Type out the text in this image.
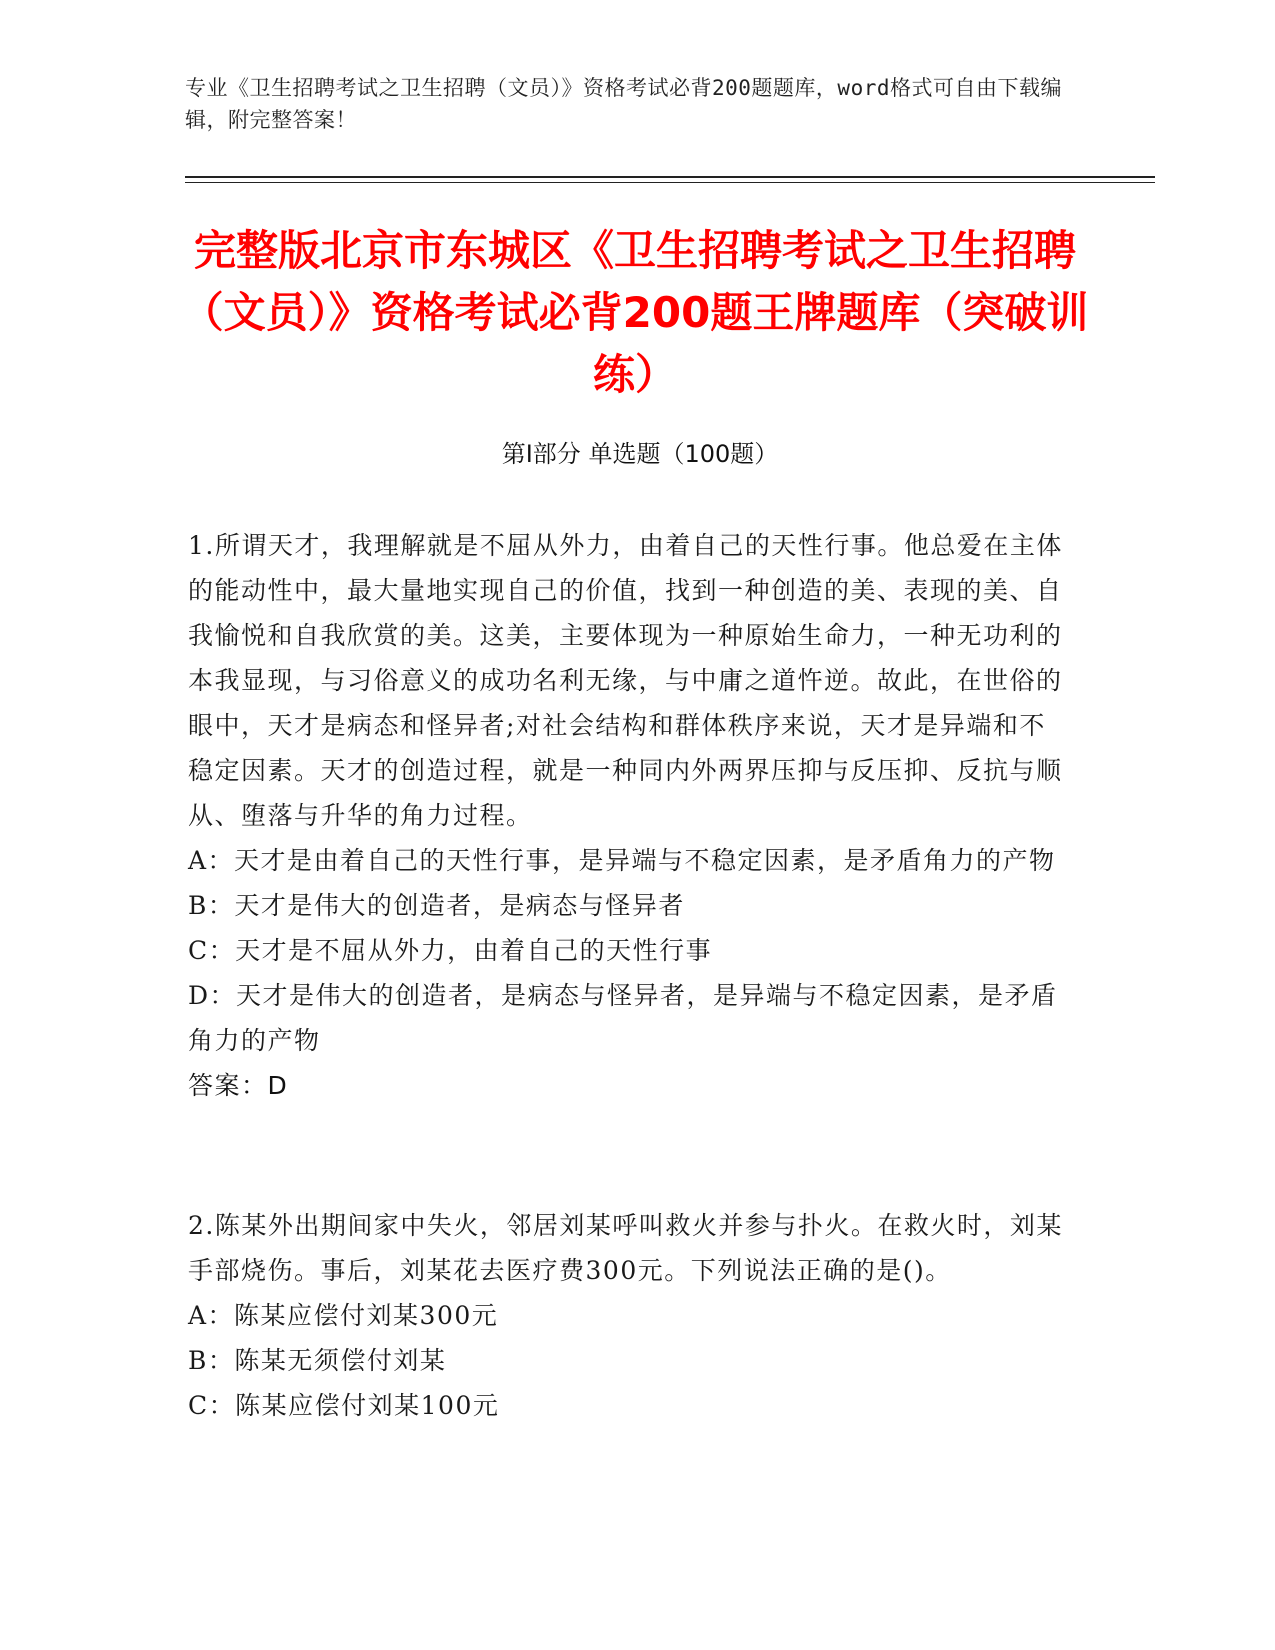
专业《卫生招聘考试之卫生招聘（文员）》资格考试必背200题题库，word格式可自由下载编辑，附完整答案！
完整版北京市东城区《卫生招聘考试之卫生招聘（文员）》资格考试必背200题王牌题库（突破训练）
第I部分 单选题（100题）

1.所谓天才，我理解就是不屈从外力，由着自己的天性行事。他总爱在主体的能动性中，最大量地实现自己的价值，找到一种创造的美、表现的美、自我愉悦和自我欣赏的美。这美，主要体现为一种原始生命力，一种无功利的本我显现，与习俗意义的成功名利无缘，与中庸之道忤逆。故此，在世俗的眼中，天才是病态和怪异者;对社会结构和群体秩序来说，天才是异端和不稳定因素。天才的创造过程，就是一种同内外两界压抑与反压抑、反抗与顺从、堕落与升华的角力过程。

A：天才是由着自己的天性行事，是异端与不稳定因素，是矛盾角力的产物

B：天才是伟大的创造者，是病态与怪异者

C：天才是不屈从外力，由着自己的天性行事

D：天才是伟大的创造者，是病态与怪异者，是异端与不稳定因素，是矛盾角力的产物

答案：D

2.陈某外出期间家中失火，邻居刘某呼叫救火并参与扑火。在救火时，刘某手部烧伤。事后，刘某花去医疗费300元。下列说法正确的是()。

A：陈某应偿付刘某300元

B：陈某无须偿付刘某

C：陈某应偿付刘某100元
